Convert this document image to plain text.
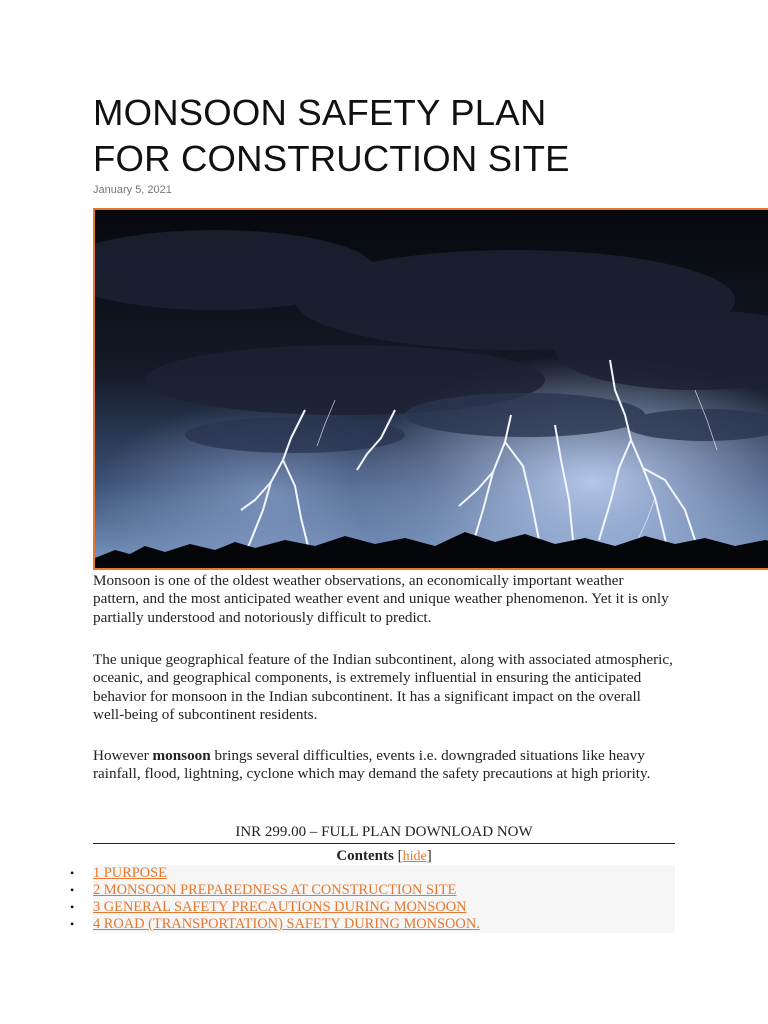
MONSOON SAFETY PLAN
FOR CONSTRUCTION SITE
January 5, 2021

Monsoon is one of the oldest weather observations, an economically important weather pattern, and the most anticipated weather event and unique weather phenomenon. Yet it is only partially understood and notoriously difficult to predict.

The unique geographical feature of the Indian subcontinent, along with associated atmospheric, oceanic, and geographical components, is extremely influential in ensuring the anticipated behavior for monsoon in the Indian subcontinent. It has a significant impact on the overall well-being of subcontinent residents.

However monsoon brings several difficulties, events i.e. downgraded situations like heavy rainfall, flood, lightning, cyclone which may demand the safety precautions at high priority.

INR 299.00 – FULL PLAN DOWNLOAD NOW
Contents [hide]
• 1 PURPOSE
• 2 MONSOON PREPAREDNESS AT CONSTRUCTION SITE
• 3 GENERAL SAFETY PRECAUTIONS DURING MONSOON
• 4 ROAD (TRANSPORTATION) SAFETY DURING MONSOON.
